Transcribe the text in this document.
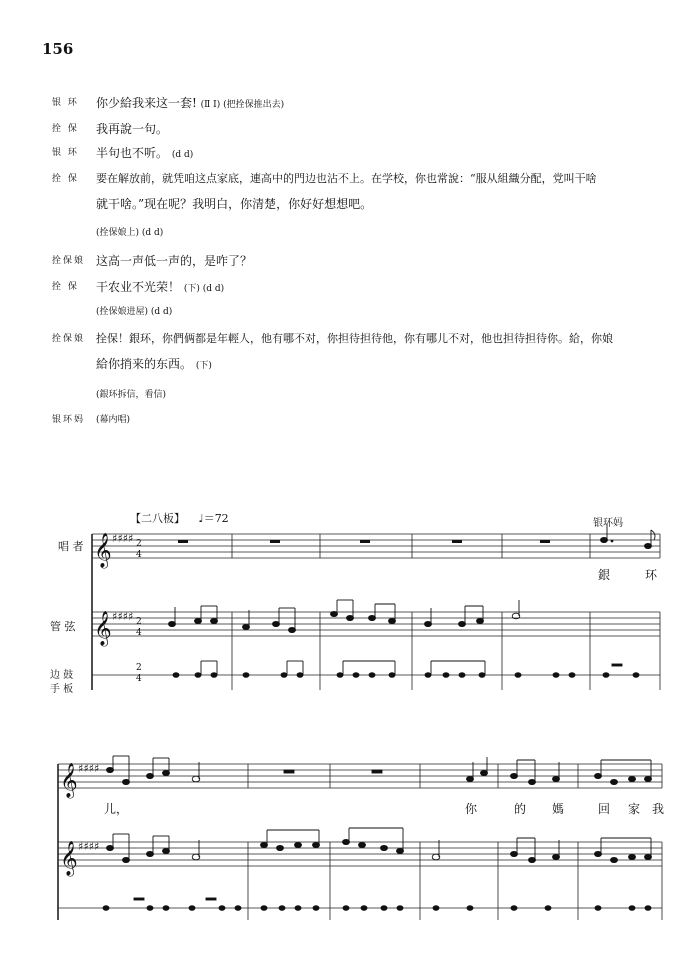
156
银 环	你少給我来这一套! (Ⅱ Ⅰ) (把拴保推出去)
拴 保	我再說一句。
银 环	半句也不听。 (d d)
拴 保	要在解放前，就凭咱这点家底，連高中的門边也沾不上。在学校，你也常說：“服从組織分配，党叫干啥
就干啥。”现在呢？我明白，你清楚，你好好想想吧。
(拴保娘上) (d d)
拴保娘 这高一声低一声的，是咋了？
拴 保	干农业不光荣！ (下) (d d)
(拴保娘进屋) (d d)
拴保娘 拴保！銀环，你們俩都是年輕人，他有哪不对，你担待担待他，你有哪儿不对，他也担待担待你。給，你娘
給你捎来的东西。 (下)
(銀环拆信，看信)
银环妈	(幕内唱)
【二八板】 ♩＝72	银环妈
唱 者
管 弦
边 鼓
手 板
𝄞
𝄞
♯♯♯♯
♯♯♯♯
2
4
2
4
2
4
𝄞
𝄞
♯♯♯♯
♯♯♯♯
銀	环
儿，	你	的 媽	回 家 我
